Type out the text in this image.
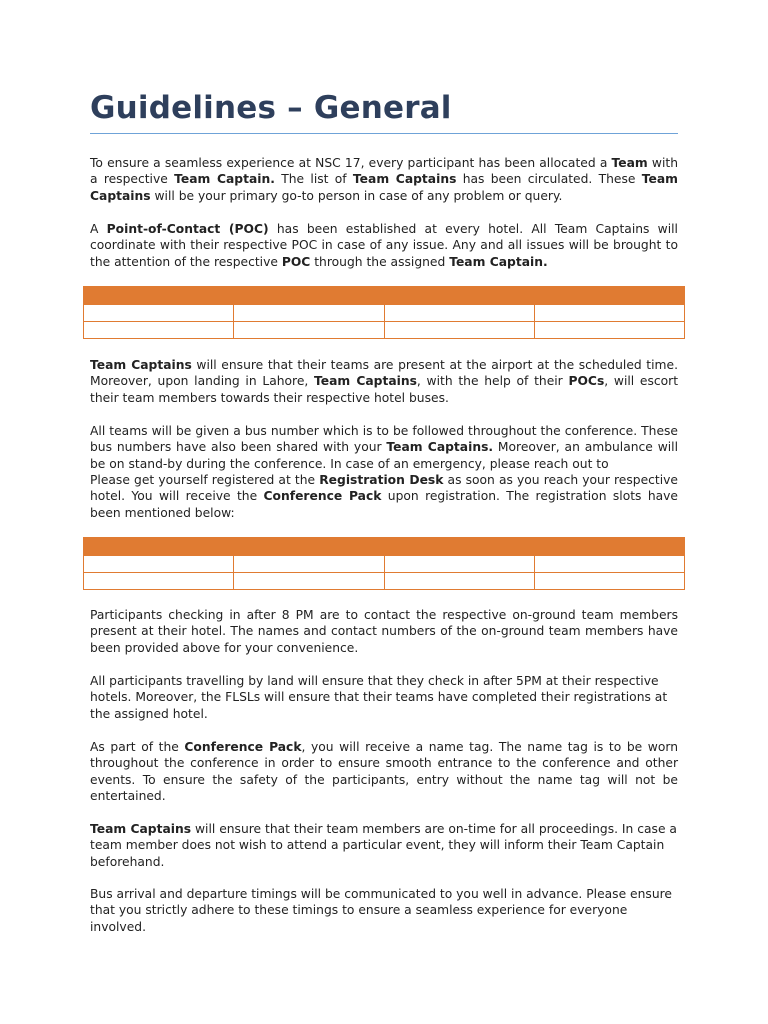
Guidelines – General

To ensure a seamless experience at NSC 17, every participant has been allocated a Team with a respective Team Captain. The list of Team Captains has been circulated. These Team Captains will be your primary go-to person in case of any problem or query.

A Point-of-Contact (POC) has been established at every hotel. All Team Captains will coordinate with their respective POC in case of any issue. Any and all issues will be brought to the attention of the respective POC through the assigned Team Captain.

Team Captains will ensure that their teams are present at the airport at the scheduled time. Moreover, upon landing in Lahore, Team Captains, with the help of their POCs, will escort their team members towards their respective hotel buses.

All teams will be given a bus number which is to be followed throughout the conference. These bus numbers have also been shared with your Team Captains. Moreover, an ambulance will be on stand-by during the conference. In case of an emergency, please reach out to

Please get yourself registered at the Registration Desk as soon as you reach your respective hotel. You will receive the Conference Pack upon registration. The registration slots have been mentioned below:

Participants checking in after 8 PM are to contact the respective on-ground team members present at their hotel. The names and contact numbers of the on-ground team members have been provided above for your convenience.

All participants travelling by land will ensure that they check in after 5PM at their respective hotels. Moreover, the FLSLs will ensure that their teams have completed their registrations at the assigned hotel.

As part of the Conference Pack, you will receive a name tag. The name tag is to be worn throughout the conference in order to ensure smooth entrance to the conference and other events. To ensure the safety of the participants, entry without the name tag will not be entertained.

Team Captains will ensure that their team members are on-time for all proceedings. In case a team member does not wish to attend a particular event, they will inform their Team Captain beforehand.

Bus arrival and departure timings will be communicated to you well in advance. Please ensure that you strictly adhere to these timings to ensure a seamless experience for everyone involved.
